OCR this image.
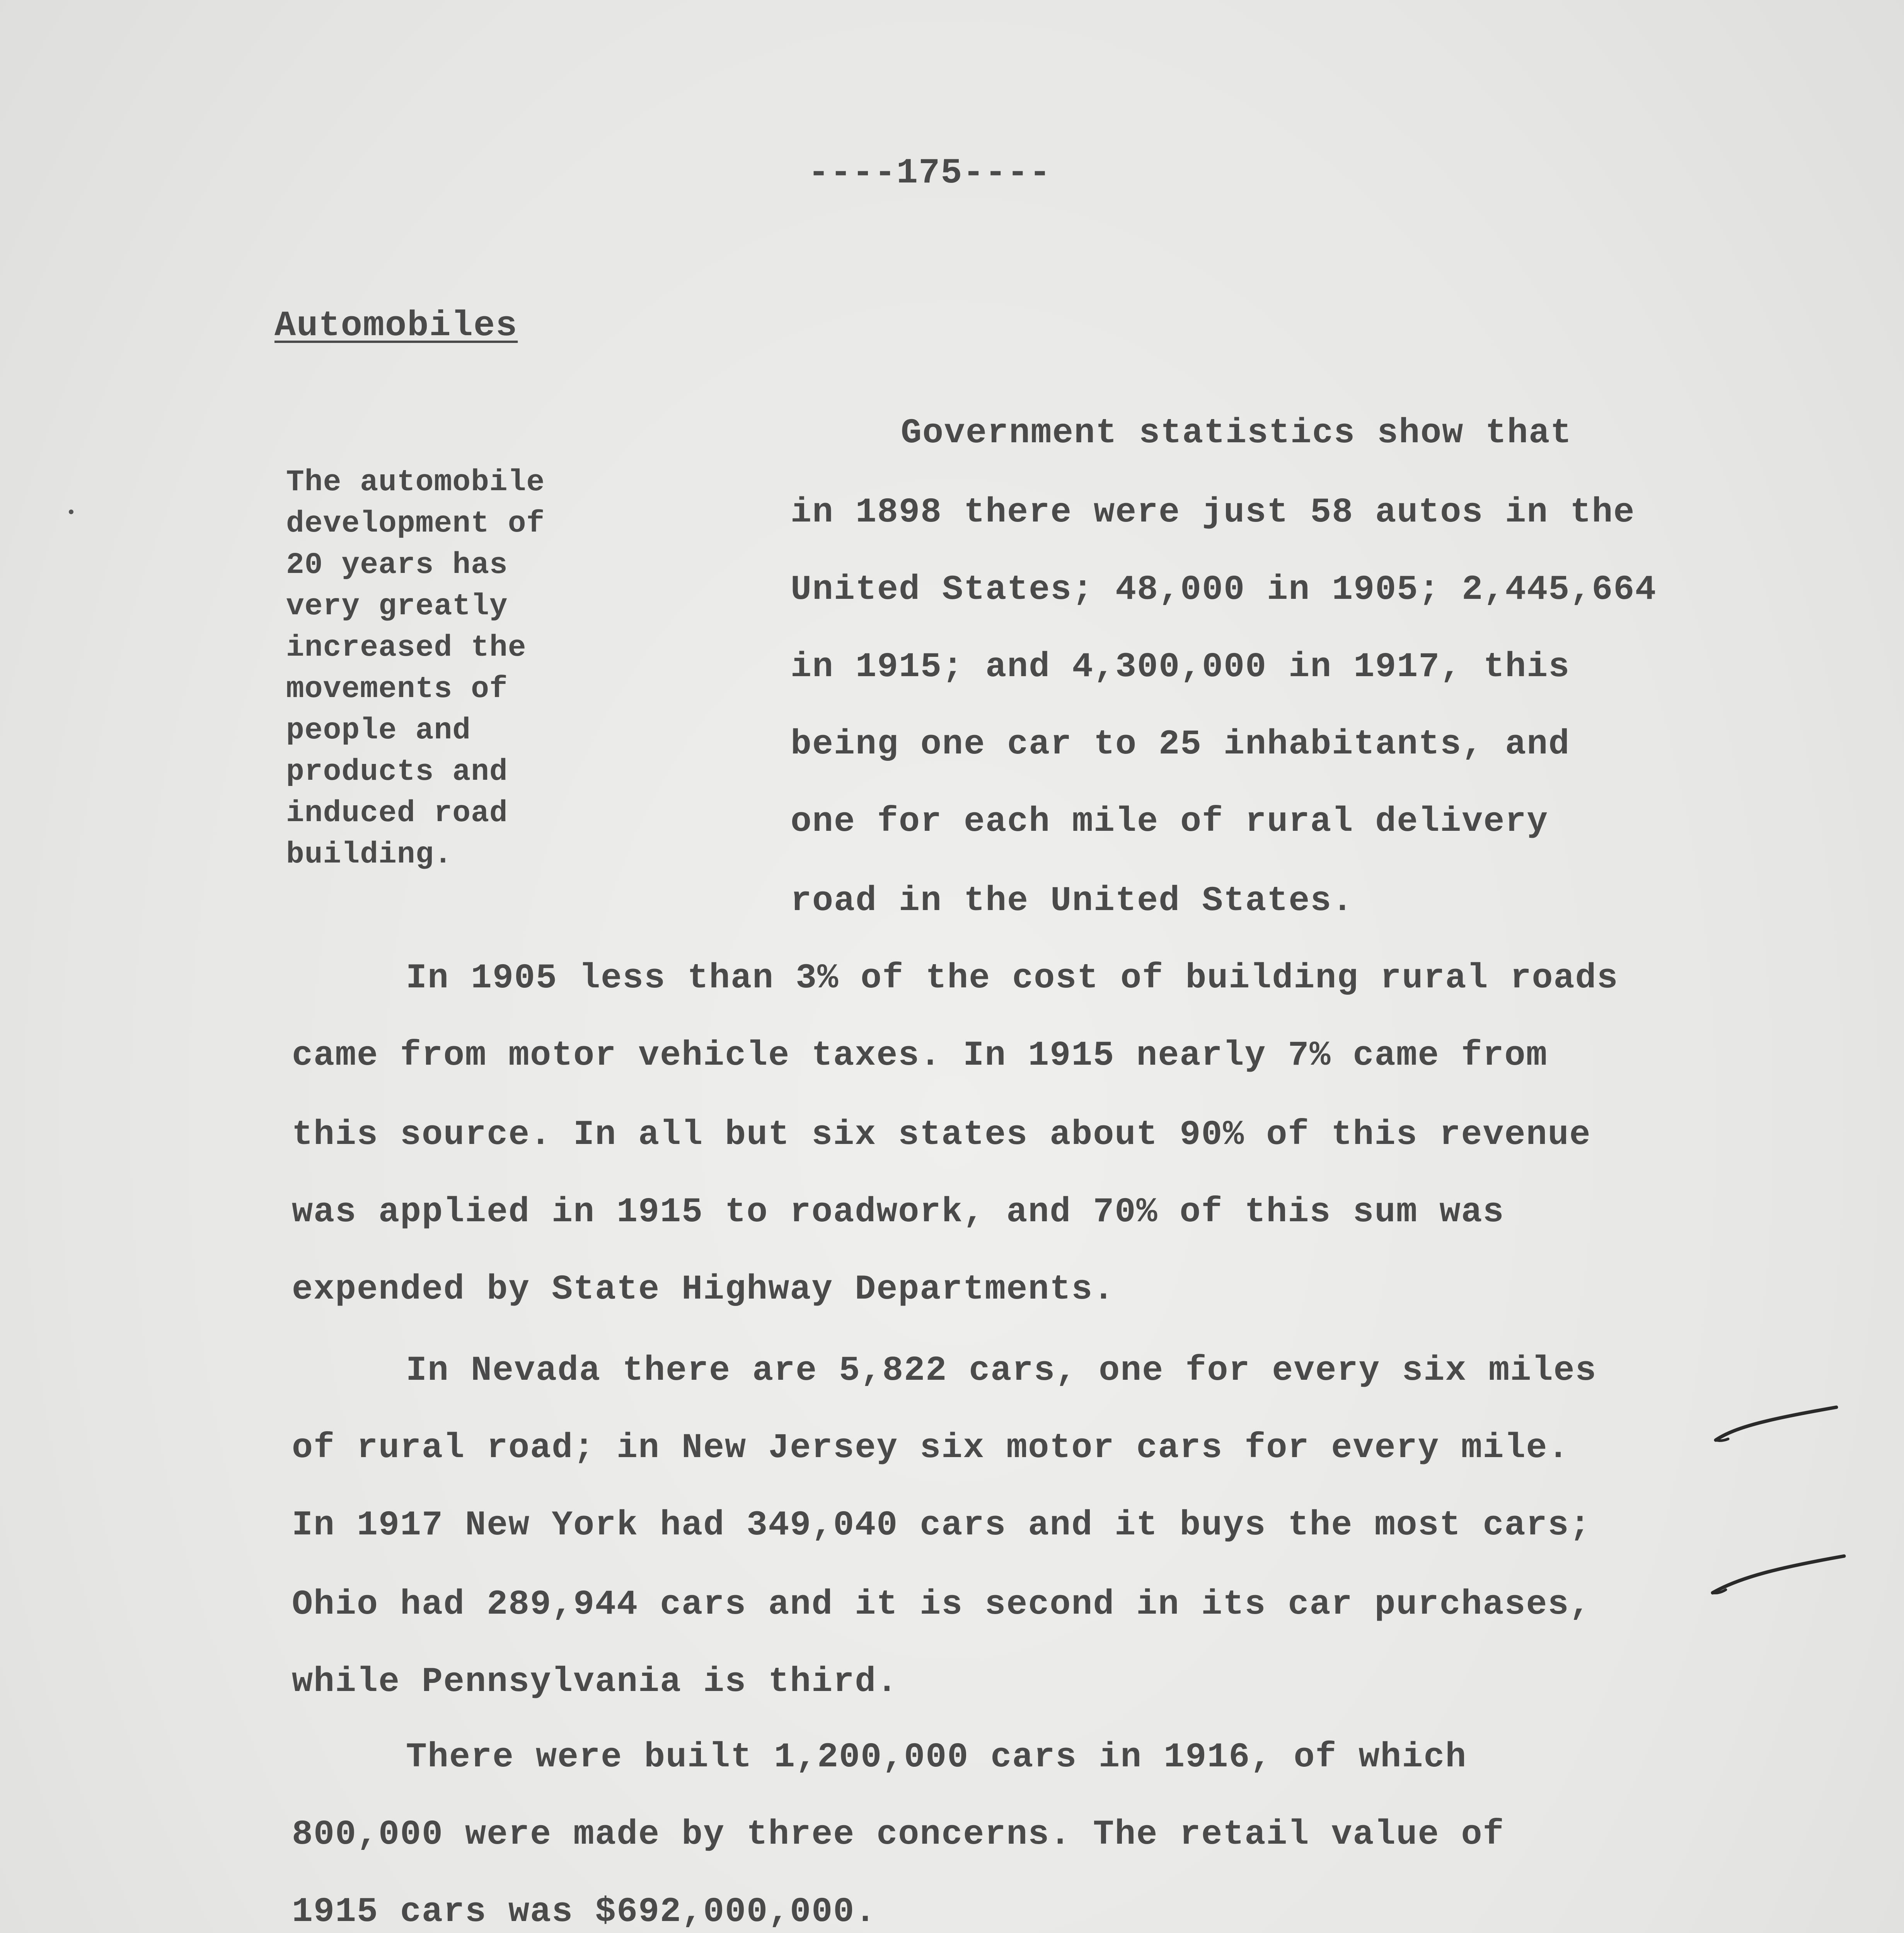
----175----
Automobiles
The automobile
development of
20 years has
very greatly
increased the
movements of
people and
products and
induced road
building.
Government statistics show that
in 1898 there were just 58 autos in the
United States; 48,000 in 1905; 2,445,664
in 1915; and 4,300,000 in 1917, this
being one car to 25 inhabitants, and
one for each mile of rural delivery
road in the United States.
In 1905 less than 3% of the cost of building rural roads
came from motor vehicle taxes. In 1915 nearly 7% came from
this source. In all but six states about 90% of this revenue
was applied in 1915 to roadwork, and 70% of this sum was
expended by State Highway Departments.
In Nevada there are 5,822 cars, one for every six miles
of rural road; in New Jersey six motor cars for every mile.
In 1917 New York had 349,040 cars and it buys the most cars;
Ohio had 289,944 cars and it is second in its car purchases,
while Pennsylvania is third.
There were built 1,200,000 cars in 1916, of which
800,000 were made by three concerns. The retail value of
1915 cars was $692,000,000.
